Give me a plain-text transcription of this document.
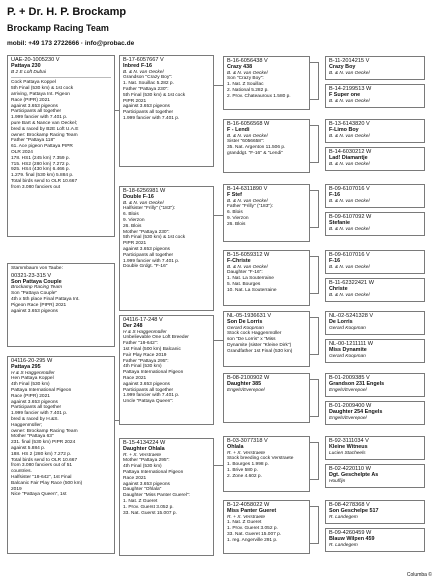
P. + Dr. H. P. Brockamp
Brockamp Racing Team
mobil: +49 173 2722666 · info@probac.de
UAE-20-1005230 V
Pattaya 230
B 2 E Loft Dubai
Cock Pattaya Koppel
5th Final (530 km) & 1st cock
arriving, Pattaya Int. Pigeon
Race (PIPR) 2021
against 3.653 pigeons
Participants all together
1.999 fancier with 7.401 p.
pure Bart & Nance van Oeckel;
bred & raced by B2E Loft U.A.E
owner: Brockamp Racing Team
Father "Pattaya 118"
61. Ace pigeon Pattaya PIPR
OLR 2024
178. HS1 (245 km) 7.359 p.
715. HS2 (280 km) 7.272 p.
925. HS4 (430 km) 6.466 p.
1.279. final (530 km) 5.884 p.
Total birds send to OLR 10.667
from 3.080 fanciers out
Stammbaum von Taube:
00321-23-315 V
Son Pattaya Couple
Brockamp Racing Team
Son "Pattaya Couple"
4th x 5th place Final Pattaya Int.
Pigeon Race (PIPR) 2021
against 3.653 pigeons
04116-20-295 W
Pattaya 295
H & S Haggenmüller
Hen Pattaya Koppel
4th Final (530 km)
Pattaya International Pigeon
Race (PIPR) 2021
against 3.653 pigeons
Participants all together
1.999 fancier with 7.401 p.
bred & raced by H.&S.
Haggenmüller;
owner: Brockamp Racing Team
Mother "Pattaya 63"
231. final (530 km) PIPR 2024
against 5.884 p.
188. HS 2 (280 km) 7.272 p.
Total birds send to OLR 10.667
from 3.080 fanciers out of 51
countries.
Halfsister "18-642", 1st Final
Balcanic Fair Play Race (500 km)
2019
Nice "Pattaya Queen", 1st
B-17-6057667 V
Inbred F-16
B. & N. van Oeckel
Grandson "Crazy Boy":
1. Nat. Souillac 5.282 p.
Father "Pattaya 230":
5th Final (530 km) & 1st cock
PIPR 2021
against 3.653 pigeons
Participants all together
1.999 fancier with 7.401 p.
B-18-6256981 W
Double F-16
B. & N. van Oeckel
Halfsister "Frilly" ("183"):
6. Blois
9. Vierzon
26. Blois
Mother "Pattaya 230":
5th Final (530 km) & 1st cock
PIPR 2021
against 3.653 pigeons
Participants all together
1.999 fancier with 7.401 p.
Double Grdgt. "F-16"
04116-17-248 V
Der 248
H & S Haggenmüller
Unbelievable One Loft Breeder
Father "18-642":
1st Final (500 km) Balcanic
Fair Play Race 2019
Father "Pattaya 295":
4th Final (530 km)
Pattaya International Pigeon
Race 2021
against 3.653 pigeons
Participants all together
1.999 fancier with 7.401 p.
Uncle "Pattaya Queen":
B-15-4134224 W
Daughter Ohlala
R. + X. Verstraete
Mother "Pattaya 295":
4th Final (530 km)
Pattaya International Pigeon
Race 2021
against 3.653 pigeons
Daughter "Ohlala"
Daughter "Miss Panter Guerel":
1. Nat. Z Gueret
1. Prov. Guerst 3.052 p.
33. Nat. Guerst 15.007 p.
B-16-6056438 V
Crazy 438
B. & N. van Oeckel
Son "Crazy Boy":
1. Nat. Z Souillac
2. National 5.282 p.
2. Prov. Chateauroux 1.580 p.
B-16-6056568 W
F - Lendi
B. & N. van Oeckel
Sister "6056658":
35. Nat. Argenton 11.506 p.
granddgt. "F-16" & "Lendi"
B-14-6311890 V
F Stef
B. & N. van Oeckel
Father "Frilly" ("183"):
6. Blois
9. Vierzon
26. Blois
B-15-6059312 W
F-Christe
B. & N. van Oeckel
Daughter "F-16":
1. Nat. La Souterraine
5. Nat. Bourges
10. Nat. La Souterraine
NL-05-1936631 V
Son De Lorris
Gerard Koopman
Stock cock Haggenmüller
son "De Lorris" x "Miss
Dynamite (sister "Kleine Dirk")
Grandfather 1st Final (530 km)
B-08-2100902 W
Daughter 385
Engels/Everepoel
B-03-3077318 V
Ohlala
R. + X. Verstraete
Stock breeding cock Verstraete
1. Bourges 1.998 p.
1. Brive 580 p.
2. Zone 4.602 p.
B-12-4058022 W
Miss Panter Gueret
R. + X. Verstraete
1. Nat. Z Gueret
1. Prov. Gueret 3.052 p.
33. Nat. Gueret 15.007 p.
1. reg. Angerville 291 p.
B-11-2014215 V
Crazy Boy
B. & N. van Oeckel
B-14-2199513 W
F Super one
B. & N. van Oeckel
B-13-6143820 V
F-Limo Boy
B. & N. van Oeckel
B-14-6030212 W
Lad! Diamantje
B. & N. van Oeckel
B-09-6107016 V
F-16
B. & N. van Oeckel
B-09-6107092 W
Stefanie
B. & N. van Oeckel
B-09-6107016 V
F-16
B. & N. van Oeckel
B-11-62322421 W
Christe
B. & N. van Oeckel
NL-02-5241328 V
De Lorris
Gerard Koopman
NL-00-1211111 W
Miss Dynamite
Gerard Koopman
B-01-2009385 V
Grandson 231 Engels
Engels/Everepoel
B-01-2009400 W
Daughter 254 Engels
Engels/Everepoel
B-92-3111034 V
Kleine Witneus
Lucien Stacheels
B-02-4220110 W
Dgt. Geschelpte As
Houffijn
B-08-4278368 V
Son Geschelpe 517
R. Landegem
B-09-4260459 W
Blauw Wilpen 459
R. Landegem
Columba ©
